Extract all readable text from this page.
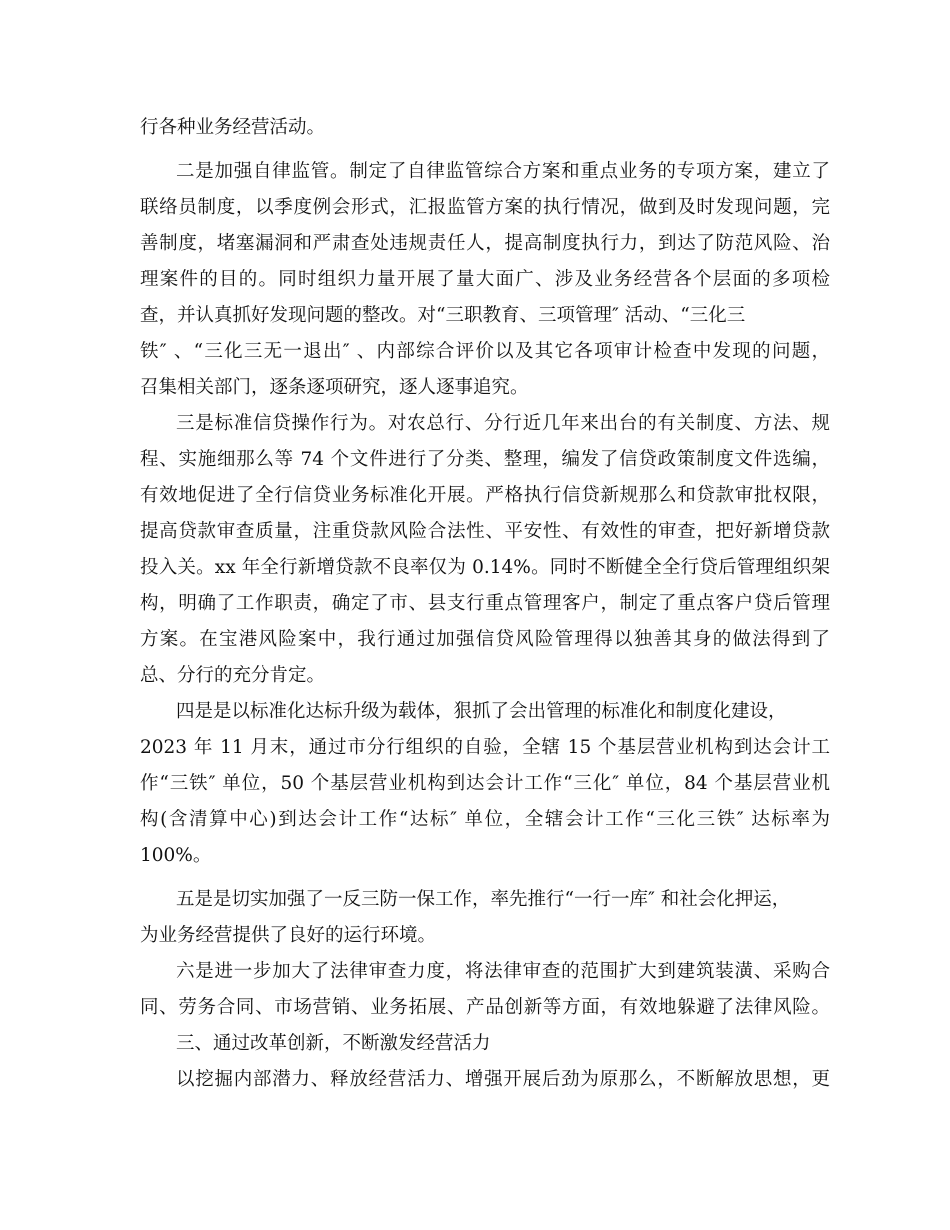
行各种业务经营活动。
二是加强自律监管。制定了自律监管综合方案和重点业务的专项方案，建立了
联络员制度，以季度例会形式，汇报监管方案的执行情况，做到及时发现问题，完
善制度，堵塞漏洞和严肃查处违规责任人，提高制度执行力，到达了防范风险、治
理案件的目的。同时组织力量开展了量大面广、涉及业务经营各个层面的多项检
查，并认真抓好发现问题的整改。对“三职教育、三项管理″ 活动、“三化三
铁″ 、“三化三无一退出″ 、内部综合评价以及其它各项审计检查中发现的问题，
召集相关部门，逐条逐项研究，逐人逐事追究。
三是标准信贷操作行为。对农总行、分行近几年来出台的有关制度、方法、规
程、实施细那么等 74 个文件进行了分类、整理，编发了信贷政策制度文件选编，
有效地促进了全行信贷业务标准化开展。严格执行信贷新规那么和贷款审批权限，
提高贷款审查质量，注重贷款风险合法性、平安性、有效性的审查，把好新增贷款
投入关。xx 年全行新增贷款不良率仅为 0.14%。同时不断健全全行贷后管理组织架
构，明确了工作职责，确定了市、县支行重点管理客户，制定了重点客户贷后管理
方案。在宝港风险案中，我行通过加强信贷风险管理得以独善其身的做法得到了
总、分行的充分肯定。
四是是以标准化达标升级为载体，狠抓了会出管理的标准化和制度化建设，
2023 年 11 月末，通过市分行组织的自验，全辖 15 个基层营业机构到达会计工
作“三铁″ 单位，50 个基层营业机构到达会计工作“三化″ 单位，84 个基层营业机
构(含清算中心)到达会计工作“达标″ 单位，全辖会计工作“三化三铁″ 达标率为
100%。
五是是切实加强了一反三防一保工作，率先推行“一行一库″ 和社会化押运，
为业务经营提供了良好的运行环境。
六是进一步加大了法律审查力度，将法律审查的范围扩大到建筑装潢、采购合
同、劳务合同、市场营销、业务拓展、产品创新等方面，有效地躲避了法律风险。
三、通过改革创新，不断激发经营活力
以挖掘内部潜力、释放经营活力、增强开展后劲为原那么，不断解放思想，更
